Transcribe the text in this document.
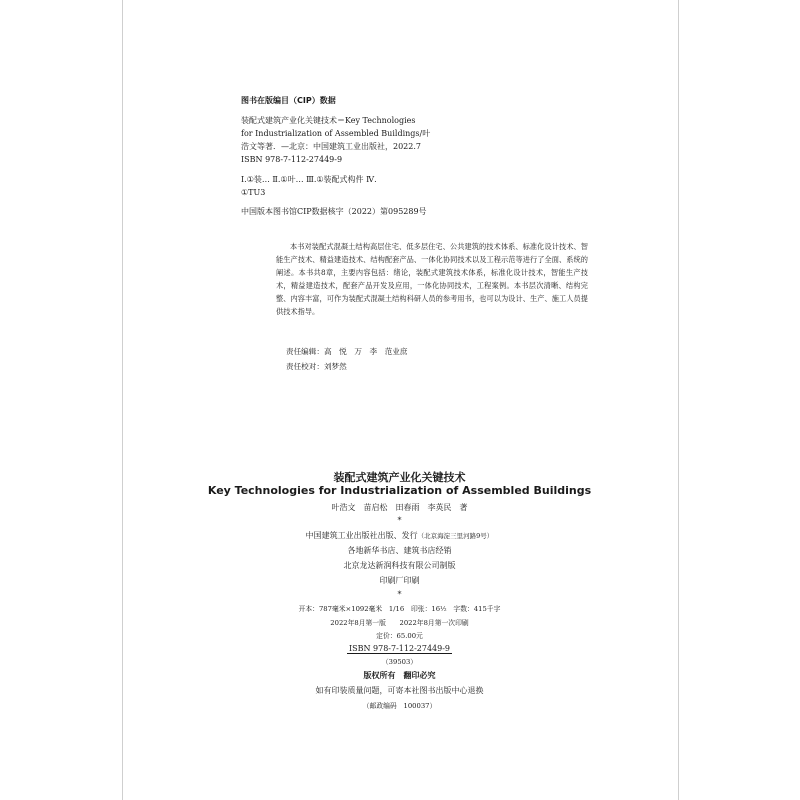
图书在版编目（CIP）数据
装配式建筑产业化关键技术＝Key Technologies
for Industrialization of Assembled Buildings/叶
浩文等著．—北京：中国建筑工业出版社，2022.7
ISBN 978-7-112-27449-9
Ⅰ.①装… Ⅱ.①叶… Ⅲ.①装配式构件 Ⅳ.
①TU3
中国版本图书馆CIP数据核字（2022）第095289号

本书对装配式混凝土结构高层住宅、低多层住宅、公共建筑的技术体系、标准化设计技术、智能生产技术、精益建造技术、结构配套产品、一体化协同技术以及工程示范等进行了全面、系统的阐述。本书共8章，主要内容包括：绪论，装配式建筑技术体系，标准化设计技术，智能生产技术，精益建造技术，配套产品开发及应用，一体化协同技术，工程案例。本书层次清晰、结构完整、内容丰富，可作为装配式混凝土结构科研人员的参考用书，也可以为设计、生产、施工人员提供技术指导。

责任编辑：高　悦　万　李　范业庶
责任校对：刘梦然
装配式建筑产业化关键技术
Key Technologies for Industrialization of Assembled Buildings
叶浩文　苗启松　田春雨　李英民　著
*
中国建筑工业出版社出版、发行（北京海淀三里河路9号）
各地新华书店、建筑书店经销
北京龙达新润科技有限公司制版
印刷厂印刷
*
开本：787毫米×1092毫米　1/16　印张：16½　字数：415千字
2022年8月第一版　　2022年8月第一次印刷
定价：65.00元
ISBN 978-7-112-27449-9
（39503）
版权所有　翻印必究
如有印装质量问题，可寄本社图书出版中心退换
（邮政编码　100037）
